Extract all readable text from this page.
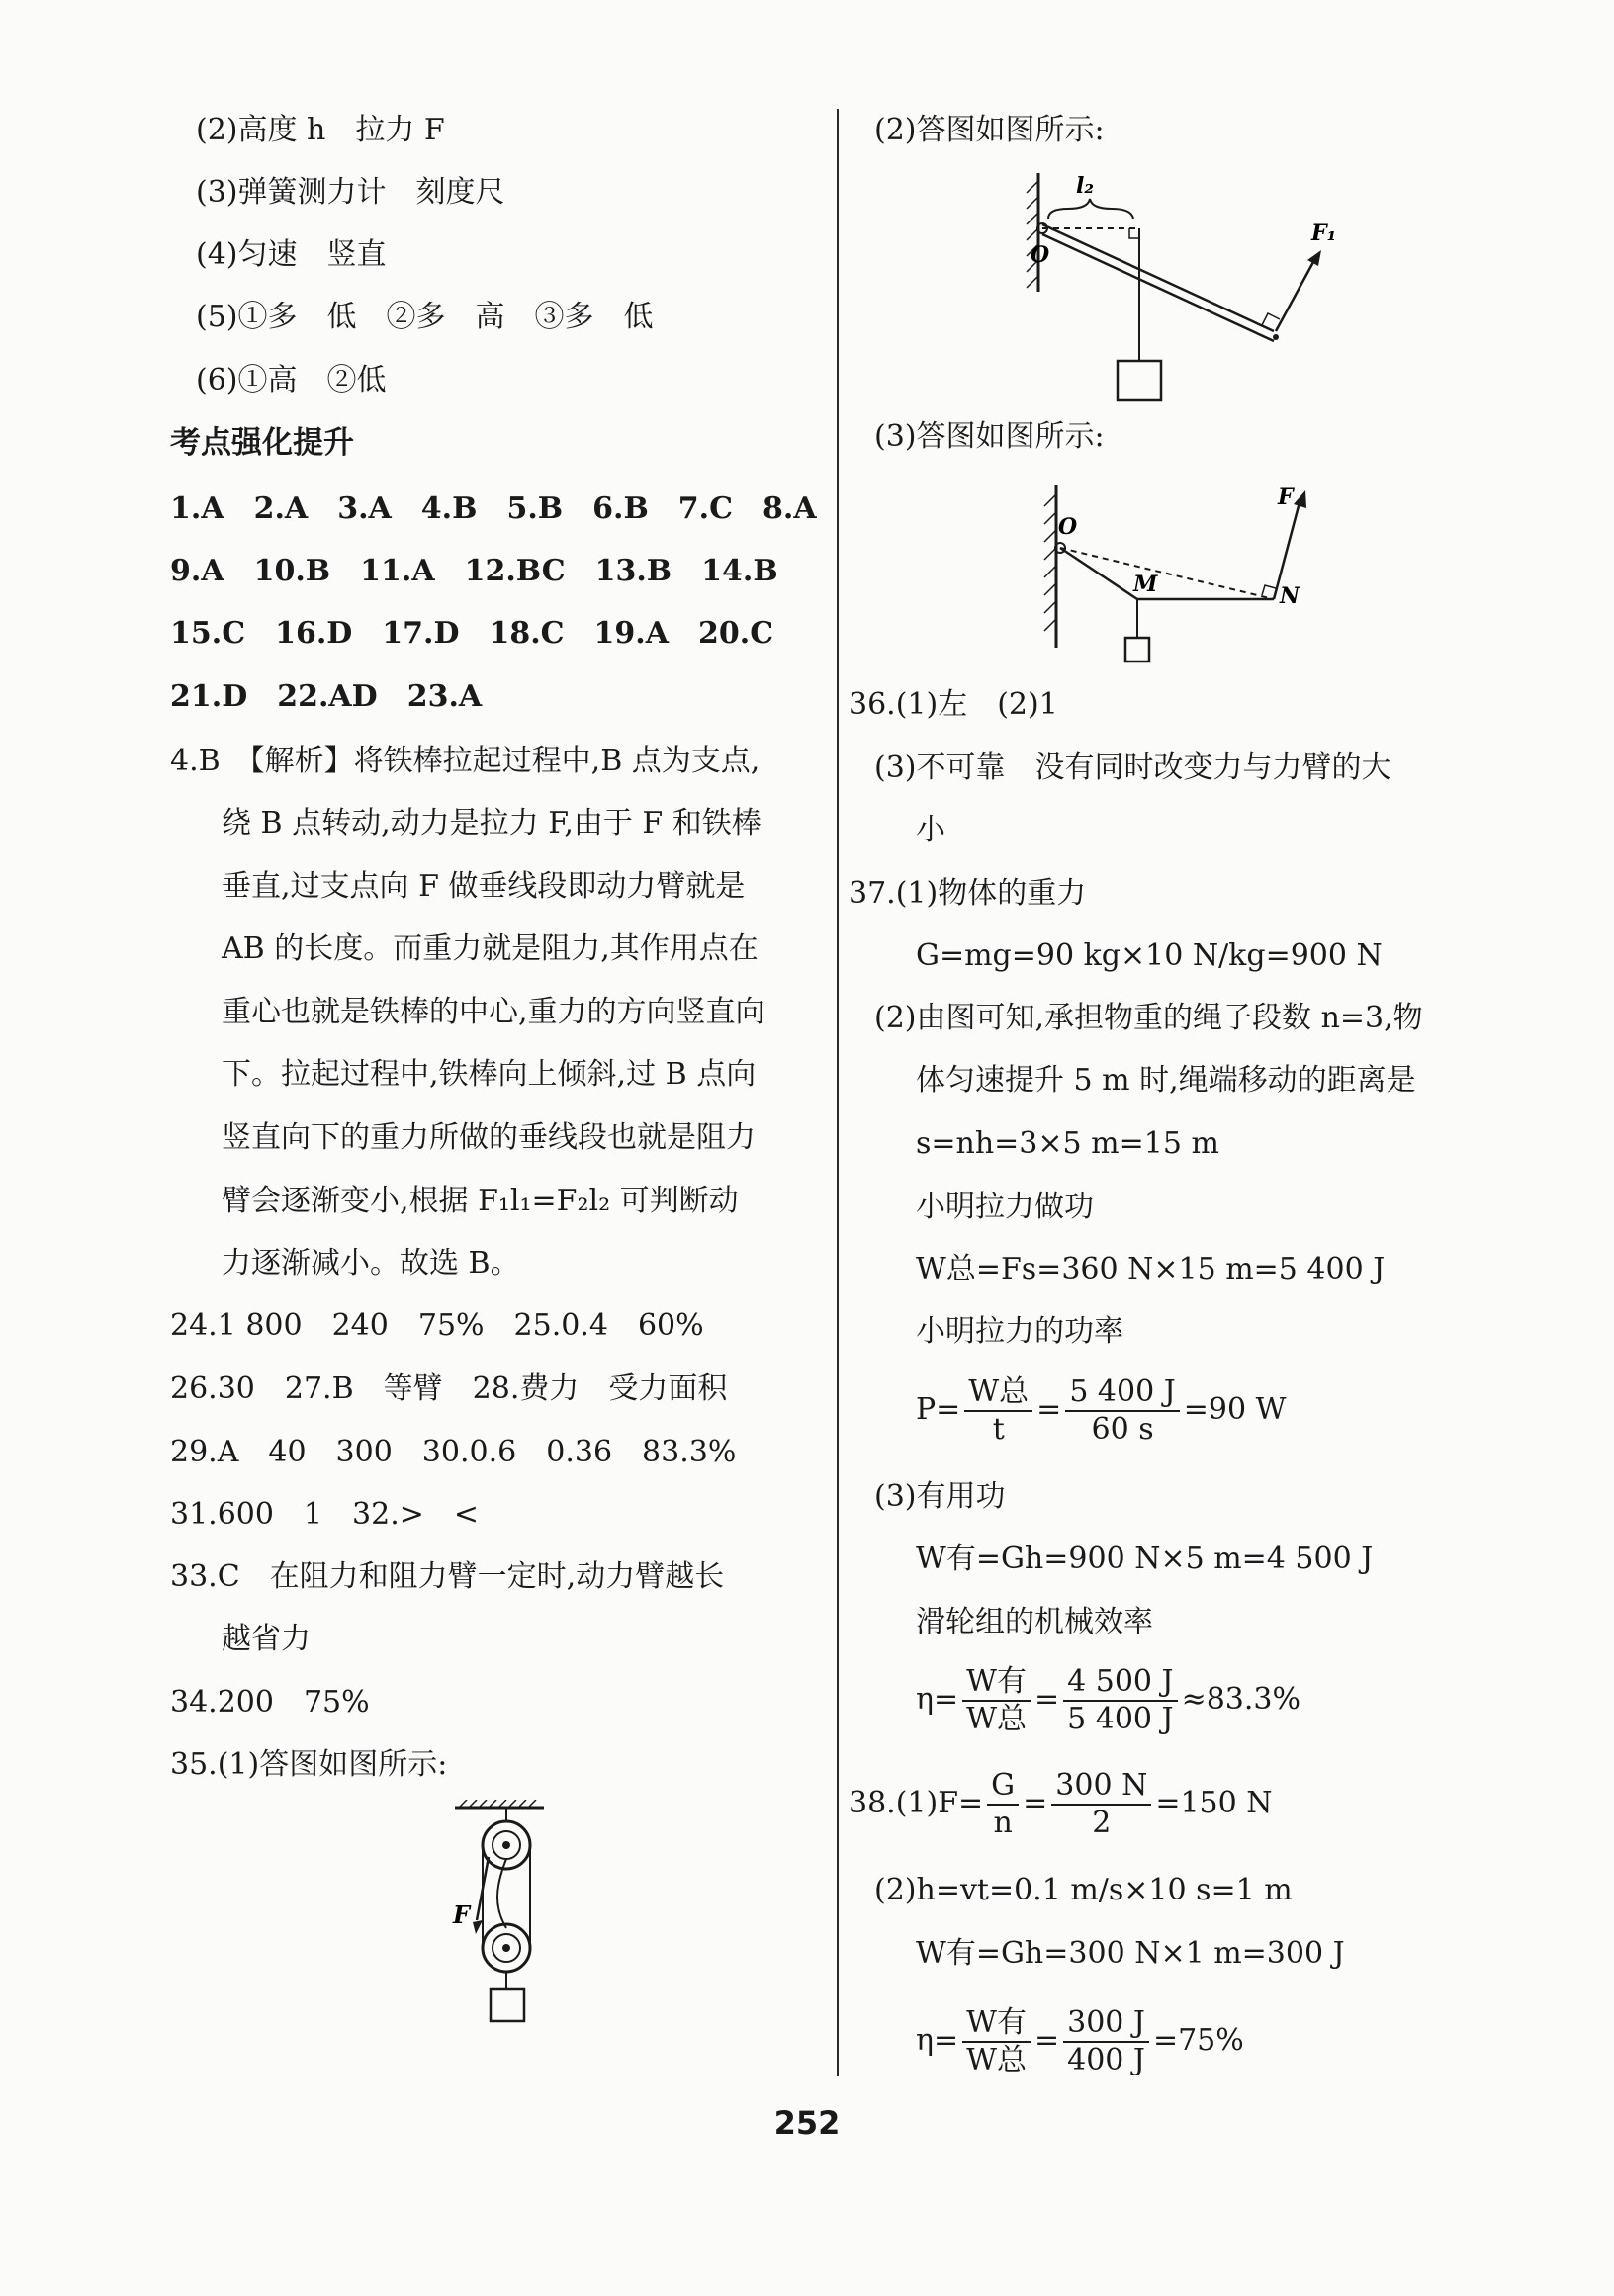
(2)高度 h　拉力 F
(3)弹簧测力计　刻度尺
(4)匀速　竖直
(5)①多　低　②多　高　③多　低
(6)①高　②低
考点强化提升
1.A　2.A　3.A　4.B　5.B　6.B　7.C　8.A
9.A　10.B　11.A　12.BC　13.B　14.B
15.C　16.D　17.D　18.C　19.A　20.C
21.D　22.AD　23.A
4.B　【解析】将铁棒拉起过程中,B 点为支点,
绕 B 点转动,动力是拉力 F,由于 F 和铁棒
垂直,过支点向 F 做垂线段即动力臂就是
AB 的长度。而重力就是阻力,其作用点在
重心也就是铁棒的中心,重力的方向竖直向
下。拉起过程中,铁棒向上倾斜,过 B 点向
竖直向下的重力所做的垂线段也就是阻力
臂会逐渐变小,根据 F₁l₁=F₂l₂ 可判断动
力逐渐减小。故选 B。
24.1 800　240　75%　25.0.4　60%
26.30　27.B　等臂　28.费力　受力面积
29.A　40　300　30.0.6　0.36　83.3%
31.600　1　32.>　<
33.C　在阻力和阻力臂一定时,动力臂越长
越省力
34.200　75%
35.(1)答图如图所示:
F
(2)答图如图所示:
(3)答图如图所示:
36.(1)左　(2)1
(3)不可靠　没有同时改变力与力臂的大
小
37.(1)物体的重力
G=mg=90 kg×10 N/kg=900 N
(2)由图可知,承担物重的绳子段数 n=3,物
体匀速提升 5 m 时,绳端移动的距离是
s=nh=3×5 m=15 m
小明拉力做功
W总=Fs=360 N×15 m=5 400 J
小明拉力的功率
$P= \frac{\text{W总}}{t} = \frac{5 400 J}{60 s} =90$ W
(3)有用功
W有=Gh=900 N×5 m=4 500 J
滑轮组的机械效率
$\eta= \frac{\text{W有}}{\text{W总}} = \frac{4 500 J}{5 400 J} \approx 83.3\%$
$38.(1)F= \frac{G}{n} = \frac{300 N}{2} =150$ N
(2)h=vt=0.1 m/s×10 s=1 m
W有=Gh=300 N×1 m=300 J
$\eta= \frac{\text{W有}}{\text{W总}} = \frac{300 J}{400 J} =75\%$
l₂
O
F₁
O
M	N
F
252
